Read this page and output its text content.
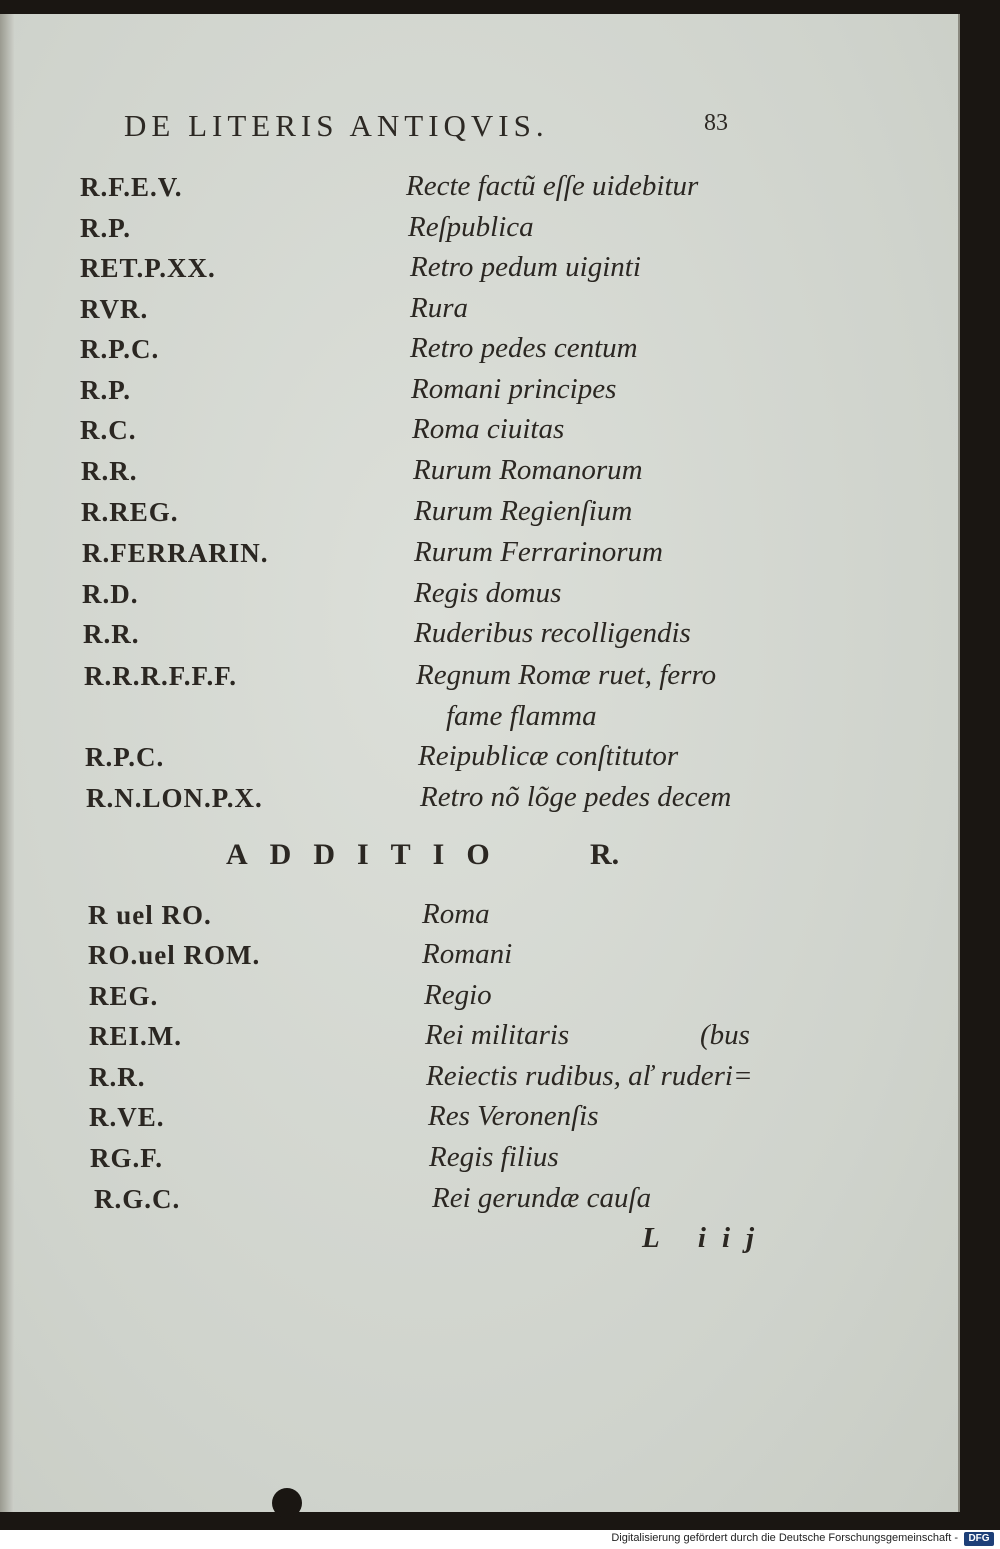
DE LITERIS ANTIQVIS.	83
R.F.E.V.	Recte factũ eſſe uidebitur
R.P.	Reſpublica
RET.P.XX.	Retro pedum uiginti
RVR.	Rura
R.P.C.	Retro pedes centum
R.P.	Romani principes
R.C.	Roma ciuitas
R.R.	Rurum Romanorum
R.REG.	Rurum Regienſium
R.FERRARIN.	Rurum Ferrarinorum
R.D.	Regis domus
R.R.	Ruderibus recolligendis
R.R.R.F.F.F.	Regnum Romæ ruet, ferro
fame flamma
R.P.C.	Reipublicæ conſtitutor
R.N.LON.P.X.	Retro nõ lõge pedes decem
ADDITIO	R.
R uel RO.	Roma
RO.uel ROM.	Romani
REG.	Regio
REI.M.	Rei militaris	(bus
R.R.	Reiectis rudibus, aľ ruderi=
R.VE.	Res Veronenſis
RG.F.	Regis filius
R.G.C.	Rei gerundæ cauſa
L iij
Digitalisierung gefördert durch die Deutsche Forschungsgemeinschaft -	DFG
